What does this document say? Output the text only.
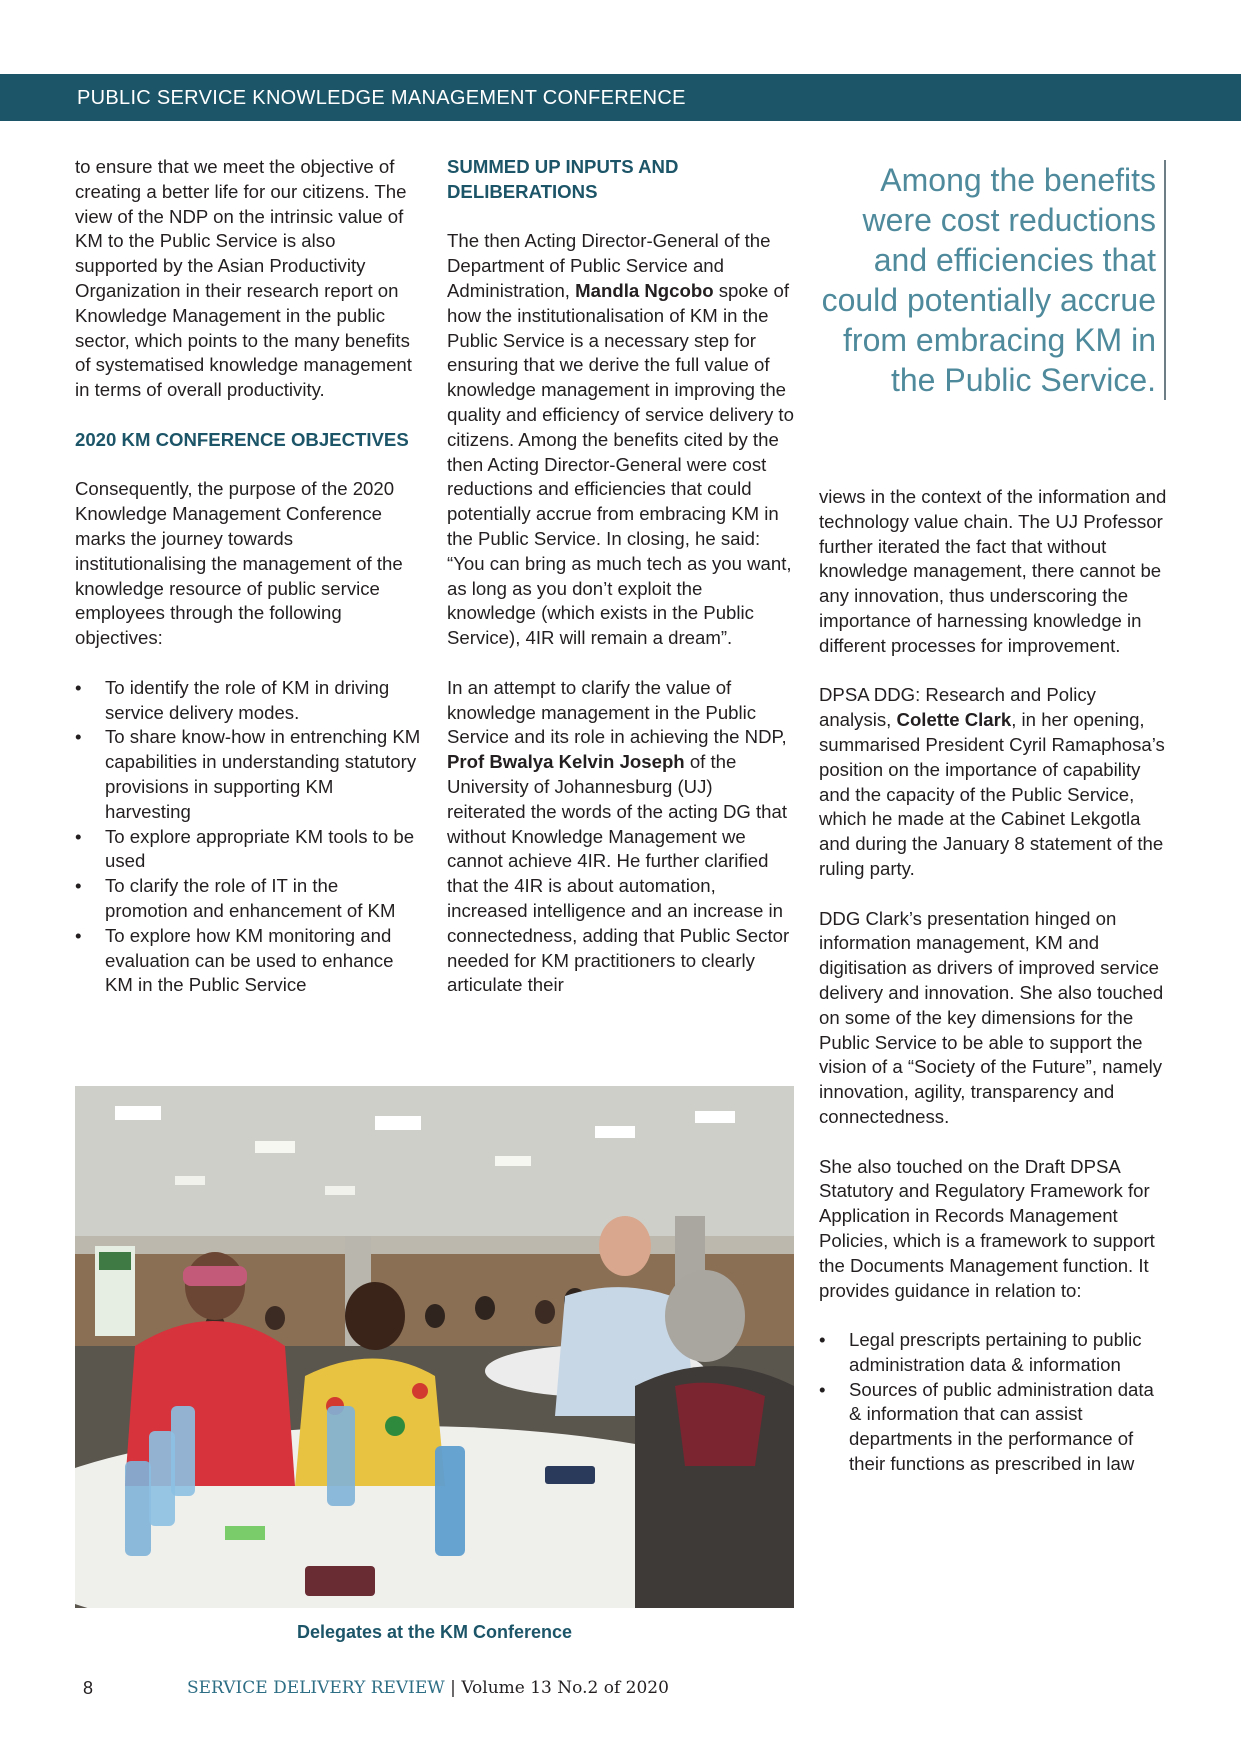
PUBLIC SERVICE KNOWLEDGE MANAGEMENT CONFERENCE

to ensure that we meet the objective of creating a better life for our citizens. The view of the NDP on the intrinsic value of KM to the Public Service is also supported by the Asian Productivity Organization in their research report on Knowledge Management in the public sector, which points to the many benefits of systematised knowledge management in terms of overall productivity.

2020 KM CONFERENCE OBJECTIVES

Consequently, the purpose of the 2020 Knowledge Management Conference marks the journey towards institutionalising the management of the knowledge resource of public service employees through the following objectives:

• To identify the role of KM in driving service delivery modes.
• To share know-how in entrenching KM capabilities in understanding statutory provisions in supporting KM harvesting
• To explore appropriate KM tools to be used
• To clarify the role of IT in the promotion and enhancement of KM
• To explore how KM monitoring and evaluation can be used to enhance KM in the Public Service
SUMMED UP INPUTS AND DELIBERATIONS

The then Acting Director-General of the Department of Public Service and Administration, Mandla Ngcobo spoke of how the institutionalisation of KM in the Public Service is a necessary step for ensuring that we derive the full value of knowledge management in improving the quality and efficiency of service delivery to citizens. Among the benefits cited by the then Acting Director-General were cost reductions and efficiencies that could potentially accrue from embracing KM in the Public Service. In closing, he said: “You can bring as much tech as you want, as long as you don’t exploit the knowledge (which exists in the Public Service), 4IR will remain a dream”.

In an attempt to clarify the value of knowledge management in the Public Service and its role in achieving the NDP, Prof Bwalya Kelvin Joseph of the University of Johannesburg (UJ) reiterated the words of the acting DG that without Knowledge Management we cannot achieve 4IR. He further clarified that the 4IR is about automation, increased intelligence and an increase in connectedness, adding that Public Sector needed for KM practitioners to clearly articulate their

Among the benefits were cost reductions and efficiencies that could potentially accrue from embracing KM in the Public Service.

views in the context of the information and technology value chain. The UJ Professor further iterated the fact that without knowledge management, there cannot be any innovation, thus underscoring the importance of harnessing knowledge in different processes for improvement.

DPSA DDG: Research and Policy analysis, Colette Clark, in her opening, summarised President Cyril Ramaphosa’s position on the importance of capability and the capacity of the Public Service, which he made at the Cabinet Lekgotla and during the January 8 statement of the ruling party.

DDG Clark’s presentation hinged on information management, KM and digitisation as drivers of improved service delivery and innovation. She also touched on some of the key dimensions for the Public Service to be able to support the vision of a “Society of the Future”, namely innovation, agility, transparency and connectedness.

She also touched on the Draft DPSA Statutory and Regulatory Framework for Application in Records Management Policies, which is a framework to support the Documents Management function. It provides guidance in relation to:

• Legal prescripts pertaining to public administration data & information
• Sources of public administration data & information that can assist departments in the performance of their functions as prescribed in law
Delegates at the KM Conference
8	SERVICE DELIVERY REVIEW | Volume 13 No.2 of 2020
